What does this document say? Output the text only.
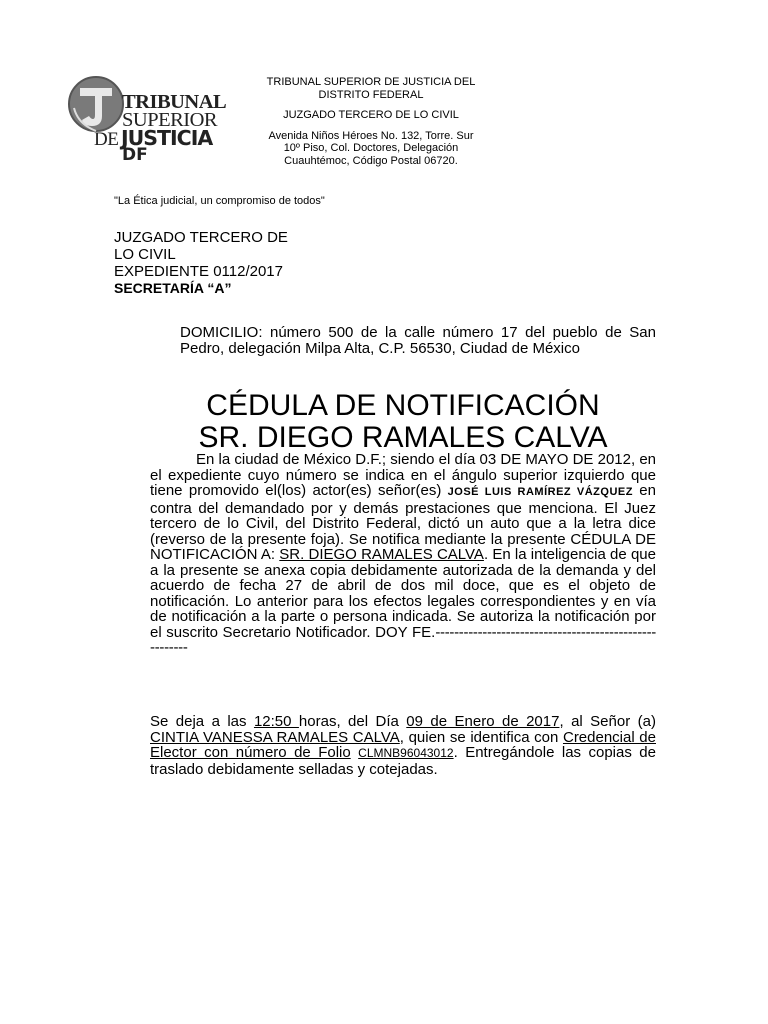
TRIBUNAL
SUPERIOR
DE JUSTICIA
DF
TRIBUNAL SUPERIOR DE JUSTICIA DEL
DISTRITO FEDERAL
JUZGADO TERCERO DE LO CIVIL
Avenida Niños Héroes No. 132, Torre. Sur
10º Piso, Col. Doctores, Delegación
Cuauhtémoc, Código Postal 06720.
"La Ética judicial, un compromiso de todos"
JUZGADO TERCERO DE
LO CIVIL
EXPEDIENTE 0112/2017
SECRETARÍA “A”
DOMICILIO: número 500 de la calle número 17 del pueblo de San Pedro, delegación Milpa Alta, C.P. 56530, Ciudad de México
CÉDULA DE NOTIFICACIÓN
SR. DIEGO RAMALES CALVA

En la ciudad de México D.F.; siendo el día 03 DE MAYO DE 2012, en el expediente cuyo número se indica en el ángulo superior izquierdo que tiene promovido el(los) actor(es) señor(es) JOSÉ LUIS RAMÍREZ VÁZQUEZ en contra del demandado por y demás prestaciones que menciona. El Juez tercero de lo Civil, del Distrito Federal, dictó un auto que a la letra dice (reverso de la presente foja). Se notifica mediante la presente CÉDULA DE NOTIFICACIÓN A: SR. DIEGO RAMALES CALVA. En la inteligencia de que a la presente se anexa copia debidamente autorizada de la demanda y del acuerdo de fecha 27 de abril de dos mil doce, que es el objeto de notificación. Lo anterior para los efectos legales correspondientes y en vía de notificación a la parte o persona indicada. Se autoriza la notificación por el suscrito Secretario Notificador. DOY FE.-------------------------------------------------------

Se deja a las 12:50 horas, del Día 09 de Enero de 2017, al Señor (a) CINTIA VANESSA RAMALES CALVA, quien se identifica con Credencial de Elector con número de Folio CLMNB96043012. Entregándole las copias de traslado debidamente selladas y cotejadas.
